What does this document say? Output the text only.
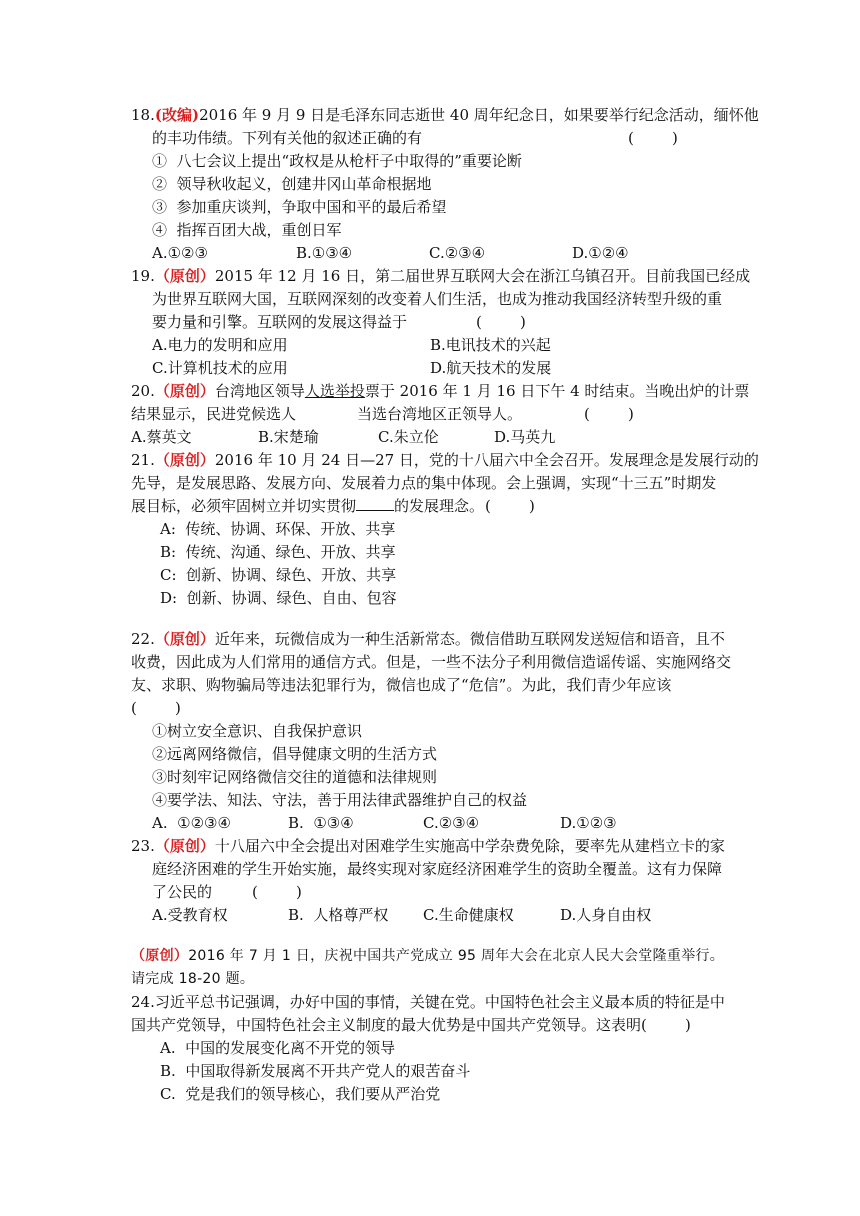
18.(改编)2016 年 9 月 9 日是毛泽东同志逝世 40 周年纪念日，如果要举行纪念活动，缅怀他
的丰功伟绩。下列有关他的叙述正确的有	(        )
①  八七会议上提出“政权是从枪杆子中取得的”重要论断
②  领导秋收起义，创建井冈山革命根据地
③  参加重庆谈判，争取中国和平的最后希望
④  指挥百团大战，重创日军
A.①②③	B.①③④	C.②③④	D.①②④
19.（原创）2015 年 12 月 16 日，第二届世界互联网大会在浙江乌镇召开。目前我国已经成
为世界互联网大国，互联网深刻的改变着人们生活，也成为推动我国经济转型升级的重
要力量和引擎。互联网的发展这得益于	(        )
A.电力的发明和应用	B.电讯技术的兴起
C.计算机技术的应用	D.航天技术的发展
20.（原创）台湾地区领导人选举投票于 2016 年 1 月 16 日下午 4 时结束。当晚出炉的计票
结果显示，民进党候选人	当选台湾地区正领导人。	(        )
A.蔡英文	B.宋楚瑜	C.朱立伦	D.马英九
21.（原创）2016 年 10 月 24 日—27 日，党的十八届六中全会召开。发展理念是发展行动的
先导，是发展思路、发展方向、发展着力点的集中体现。会上强调，实现“十三五”时期发
展目标，必须牢固树立并切实贯彻	的发展理念。 (        )
A:  传统、协调、环保、开放、共享
B:  传统、沟通、绿色、开放、共享
C:  创新、协调、绿色、开放、共享
D:  创新、协调、绿色、自由、包容
22.（原创）近年来，玩微信成为一种生活新常态。微信借助互联网发送短信和语音，且不
收费，因此成为人们常用的通信方式。但是，一些不法分子利用微信造谣传谣、实施网络交
友、求职、购物骗局等违法犯罪行为，微信也成了“危信”。为此，我们青少年应该
(        )
①树立安全意识、自我保护意识
②远离网络微信，倡导健康文明的生活方式
③时刻牢记网络微信交往的道德和法律规则
④要学法、知法、守法，善于用法律武器维护自己的权益
A.  ①②③④	B.  ①③④	C.②③④	D.①②③
23.（原创）十八届六中全会提出对困难学生实施高中学杂费免除，要率先从建档立卡的家
庭经济困难的学生开始实施，最终实现对家庭经济困难学生的资助全覆盖。这有力保障
了公民的	(        )
A.受教育权	B.  人格尊严权 C.生命健康权	D.人身自由权
（原创）2016 年 7 月 1 日，庆祝中国共产党成立 95 周年大会在北京人民大会堂隆重举行。
请完成 18-20 题。
24.习近平总书记强调，办好中国的事情，关键在党。中国特色社会主义最本质的特征是中
国共产党领导，中国特色社会主义制度的最大优势是中国共产党领导。这表明(        )
A.  中国的发展变化离不开党的领导
B.  中国取得新发展离不开共产党人的艰苦奋斗
C.  党是我们的领导核心，我们要从严治党
